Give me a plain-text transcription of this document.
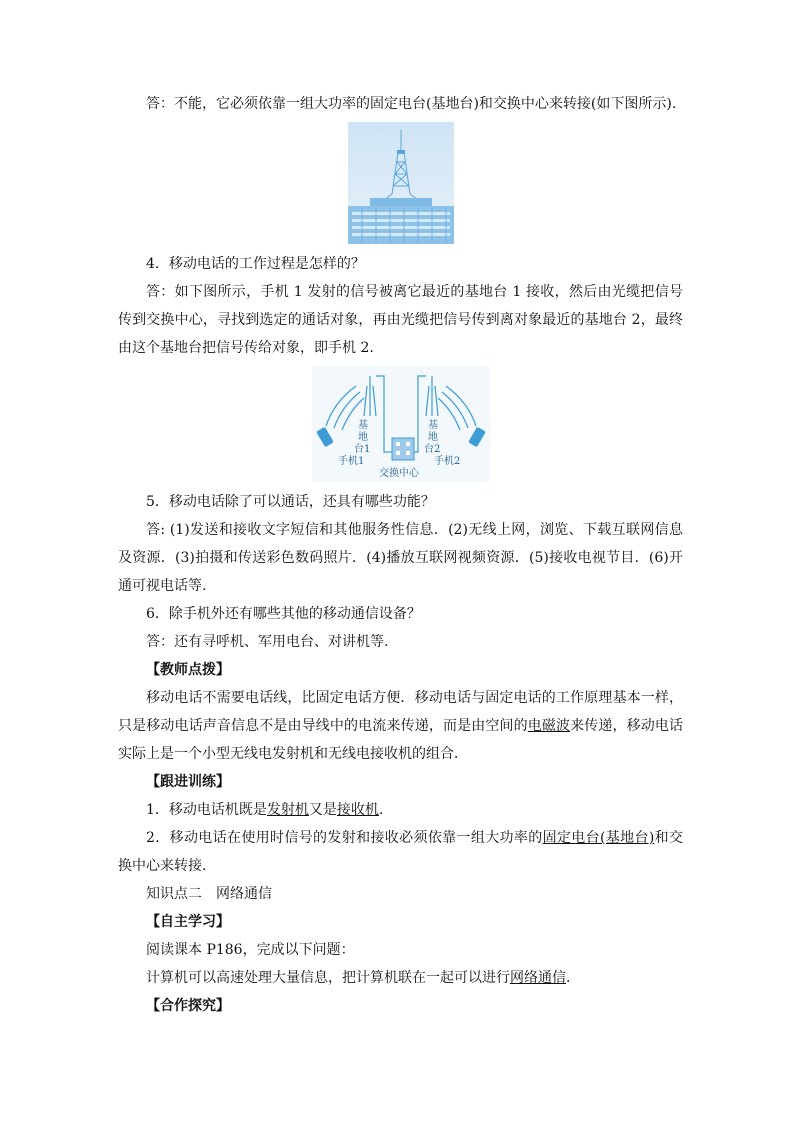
答：不能，它必须依靠一组大功率的固定电台(基地台)和交换中心来转接(如下图所示).

4．移动电话的工作过程是怎样的？

答：如下图所示，手机 1 发射的信号被离它最近的基地台 1 接收，然后由光缆把信号传到交换中心，寻找到选定的通话对象，再由光缆把信号传到离对象最近的基地台 2，最终由这个基地台把信号传给对象，即手机 2.

基
地
台1
基
地
台2
手机1	手机2
交换中心

5．移动电话除了可以通话，还具有哪些功能？

答: (1)发送和接收文字短信和其他服务性信息．(2)无线上网，浏览、下载互联网信息及资源．(3)拍摄和传送彩色数码照片．(4)播放互联网视频资源．(5)接收电视节目．(6)开通可视电话等.

6．除手机外还有哪些其他的移动通信设备？

答：还有寻呼机、军用电台、对讲机等.

【教师点拨】

移动电话不需要电话线，比固定电话方便．移动电话与固定电话的工作原理基本一样，只是移动电话声音信息不是由导线中的电流来传递，而是由空间的电磁波来传递，移动电话实际上是一个小型无线电发射机和无线电接收机的组合．

【跟进训练】

1．移动电话机既是发射机又是接收机.

2．移动电话在使用时信号的发射和接收必须依靠一组大功率的固定电台(基地台)和交换中心来转接．

知识点二　网络通信

【自主学习】

阅读课本 P186，完成以下问题：

计算机可以高速处理大量信息，把计算机联在一起可以进行网络通信.

【合作探究】
